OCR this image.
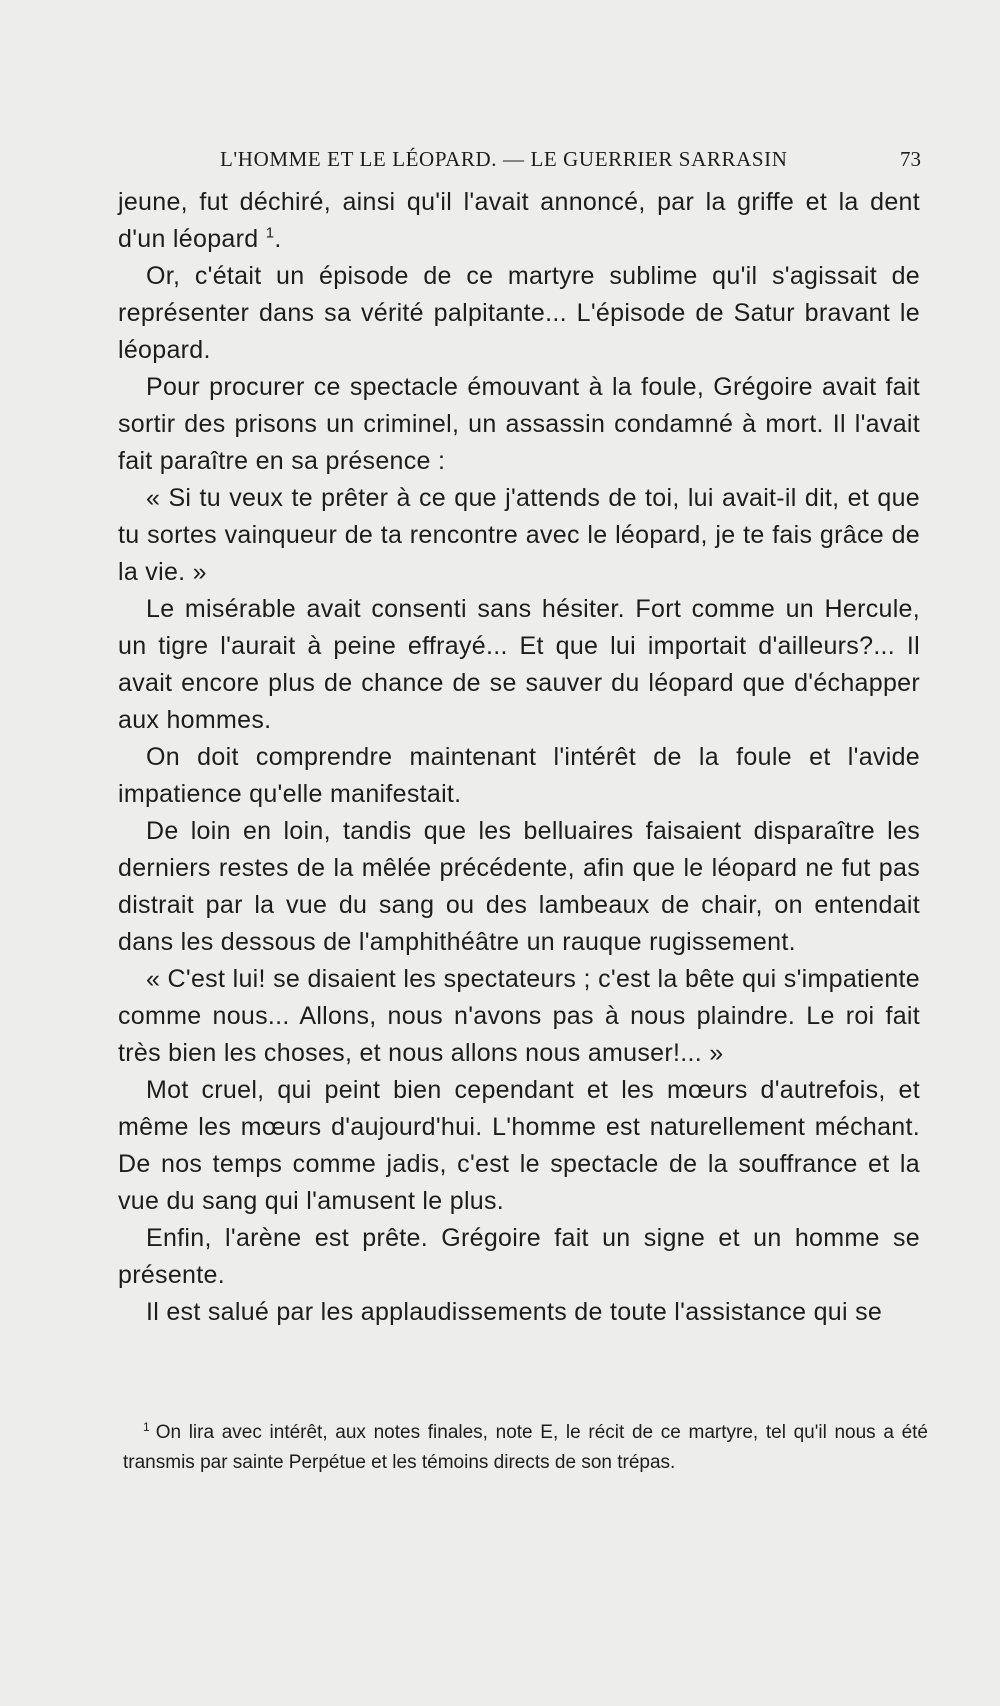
L'HOMME ET LE LÉOPARD. — LE GUERRIER SARRASIN	73

jeune, fut déchiré, ainsi qu'il l'avait annoncé, par la griffe et la dent d'un léopard $^1$.

Or, c'était un épisode de ce martyre sublime qu'il s'agissait de représenter dans sa vérité palpitante... L'épisode de Satur bravant le léopard.

Pour procurer ce spectacle émouvant à la foule, Grégoire avait fait sortir des prisons un criminel, un assassin condamné à mort. Il l'avait fait paraître en sa présence :

« Si tu veux te prêter à ce que j'attends de toi, lui avait-il dit, et que tu sortes vainqueur de ta rencontre avec le léopard, je te fais grâce de la vie. »

Le misérable avait consenti sans hésiter. Fort comme un Hercule, un tigre l'aurait à peine effrayé... Et que lui importait d'ailleurs?... Il avait encore plus de chance de se sauver du léopard que d'échapper aux hommes.

On doit comprendre maintenant l'intérêt de la foule et l'avide impatience qu'elle manifestait.

De loin en loin, tandis que les belluaires faisaient disparaître les derniers restes de la mêlée précédente, afin que le léopard ne fut pas distrait par la vue du sang ou des lambeaux de chair, on entendait dans les dessous de l'amphithéâtre un rauque rugissement.

« C'est lui! se disaient les spectateurs ; c'est la bête qui s'impatiente comme nous... Allons, nous n'avons pas à nous plaindre. Le roi fait très bien les choses, et nous allons nous amuser!... »

Mot cruel, qui peint bien cependant et les mœurs d'autrefois, et même les mœurs d'aujourd'hui. L'homme est naturellement méchant. De nos temps comme jadis, c'est le spectacle de la souffrance et la vue du sang qui l'amusent le plus.

Enfin, l'arène est prête. Grégoire fait un signe et un homme se présente.

Il est salué par les applaudissements de toute l'assistance qui se

$^1$ On lira avec intérêt, aux notes finales, note E, le récit de ce martyre, tel qu'il nous a été transmis par sainte Perpétue et les témoins directs de son trépas.
